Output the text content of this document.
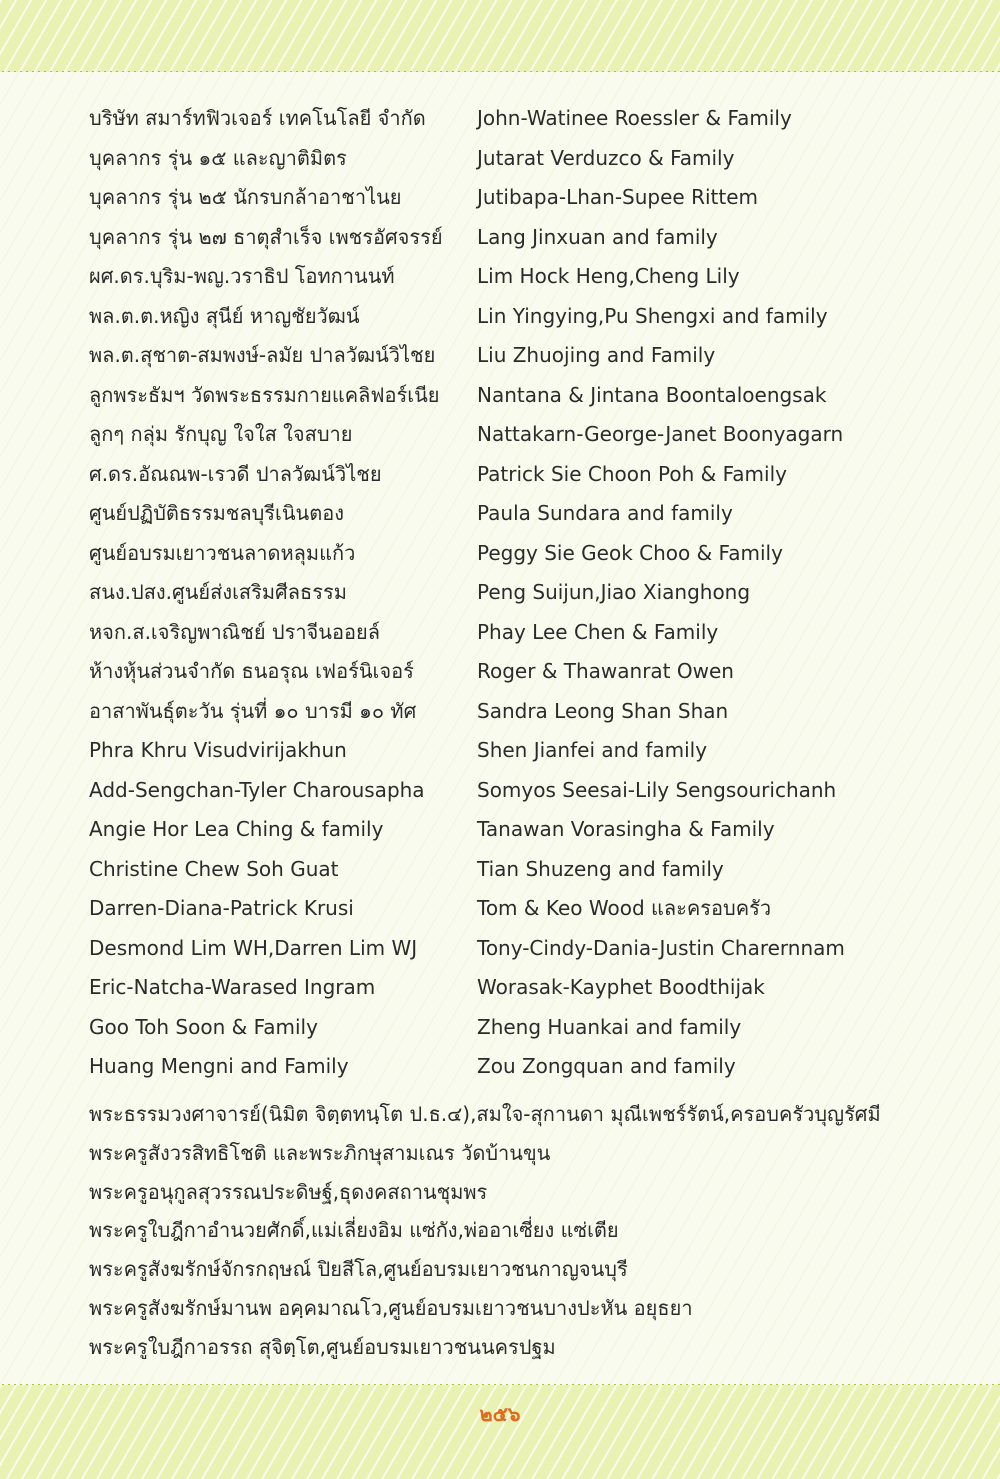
บริษัท สมาร์ทฟิวเจอร์ เทคโนโลยี จำกัด
บุคลากร รุ่น ๑๕ และญาติมิตร
บุคลากร รุ่น ๒๕ นักรบกล้าอาชาไนย
บุคลากร รุ่น ๒๗ ธาตุสำเร็จ เพชรอัศจรรย์
ผศ.ดร.บุริม-พญ.วราธิป โอทกานนท์
พล.ต.ต.หญิง สุนีย์ หาญชัยวัฒน์
พล.ต.สุชาต-สมพงษ์-ลมัย ปาลวัฒน์วิไชย
ลูกพระธัมฯ วัดพระธรรมกายแคลิฟอร์เนีย
ลูกๆ กลุ่ม รักบุญ ใจใส ใจสบาย
ศ.ดร.อัณณพ-เรวดี ปาลวัฒน์วิไชย
ศูนย์ปฏิบัติธรรมชลบุรีเนินตอง
ศูนย์อบรมเยาวชนลาดหลุมแก้ว
สนง.ปสง.ศูนย์ส่งเสริมศีลธรรม
หจก.ส.เจริญพาณิชย์ ปราจีนออยล์
ห้างหุ้นส่วนจำกัด ธนอรุณ เฟอร์นิเจอร์
อาสาพันธุ์ตะวัน รุ่นที่ ๑๐ บารมี ๑๐ ทัศ
Phra Khru Visudvirijakhun
Add-Sengchan-Tyler Charousapha
Angie Hor Lea Ching & family
Christine Chew Soh Guat
Darren-Diana-Patrick Krusi
Desmond Lim WH,Darren Lim WJ
Eric-Natcha-Warased Ingram
Goo Toh Soon & Family
Huang Mengni and Family
John-Watinee Roessler & Family
Jutarat Verduzco & Family
Jutibapa-Lhan-Supee Rittem
Lang Jinxuan and family
Lim Hock Heng,Cheng Lily
Lin Yingying,Pu Shengxi and family
Liu Zhuojing and Family
Nantana & Jintana Boontaloengsak
Nattakarn-George-Janet Boonyagarn
Patrick Sie Choon Poh & Family
Paula Sundara and family
Peggy Sie Geok Choo & Family
Peng Suijun,Jiao Xianghong
Phay Lee Chen & Family
Roger & Thawanrat Owen
Sandra Leong Shan Shan
Shen Jianfei and family
Somyos Seesai-Lily Sengsourichanh
Tanawan Vorasingha & Family
Tian Shuzeng and family
Tom & Keo Wood และครอบครัว
Tony-Cindy-Dania-Justin Charernnam
Worasak-Kayphet Boodthijak
Zheng Huankai and family
Zou Zongquan and family
พระธรรมวงศาจารย์(นิมิต จิตฺตทนฺโต ป.ธ.๔),สมใจ-สุกานดา มุณีเพชร์รัตน์,ครอบครัวบุญรัศมี
พระครูสังวรสิทธิโชติ และพระภิกษุสามเณร วัดบ้านขุน
พระครูอนุกูลสุวรรณประดิษฐ์,ธุดงคสถานชุมพร
พระครูใบฎีกาอำนวยศักดิ์,แม่เลี่ยงอิม แซ่กัง,พ่ออาเซี่ยง แซ่เตีย
พระครูสังฆรักษ์จักรกฤษณ์ ปิยสีโล,ศูนย์อบรมเยาวชนกาญจนบุรี
พระครูสังฆรักษ์มานพ อคฺคมาณโว,ศูนย์อบรมเยาวชนบางปะหัน อยุธยา
พระครูใบฎีกาอรรถ สุจิตฺโต,ศูนย์อบรมเยาวชนนครปฐม
๒๕๖
